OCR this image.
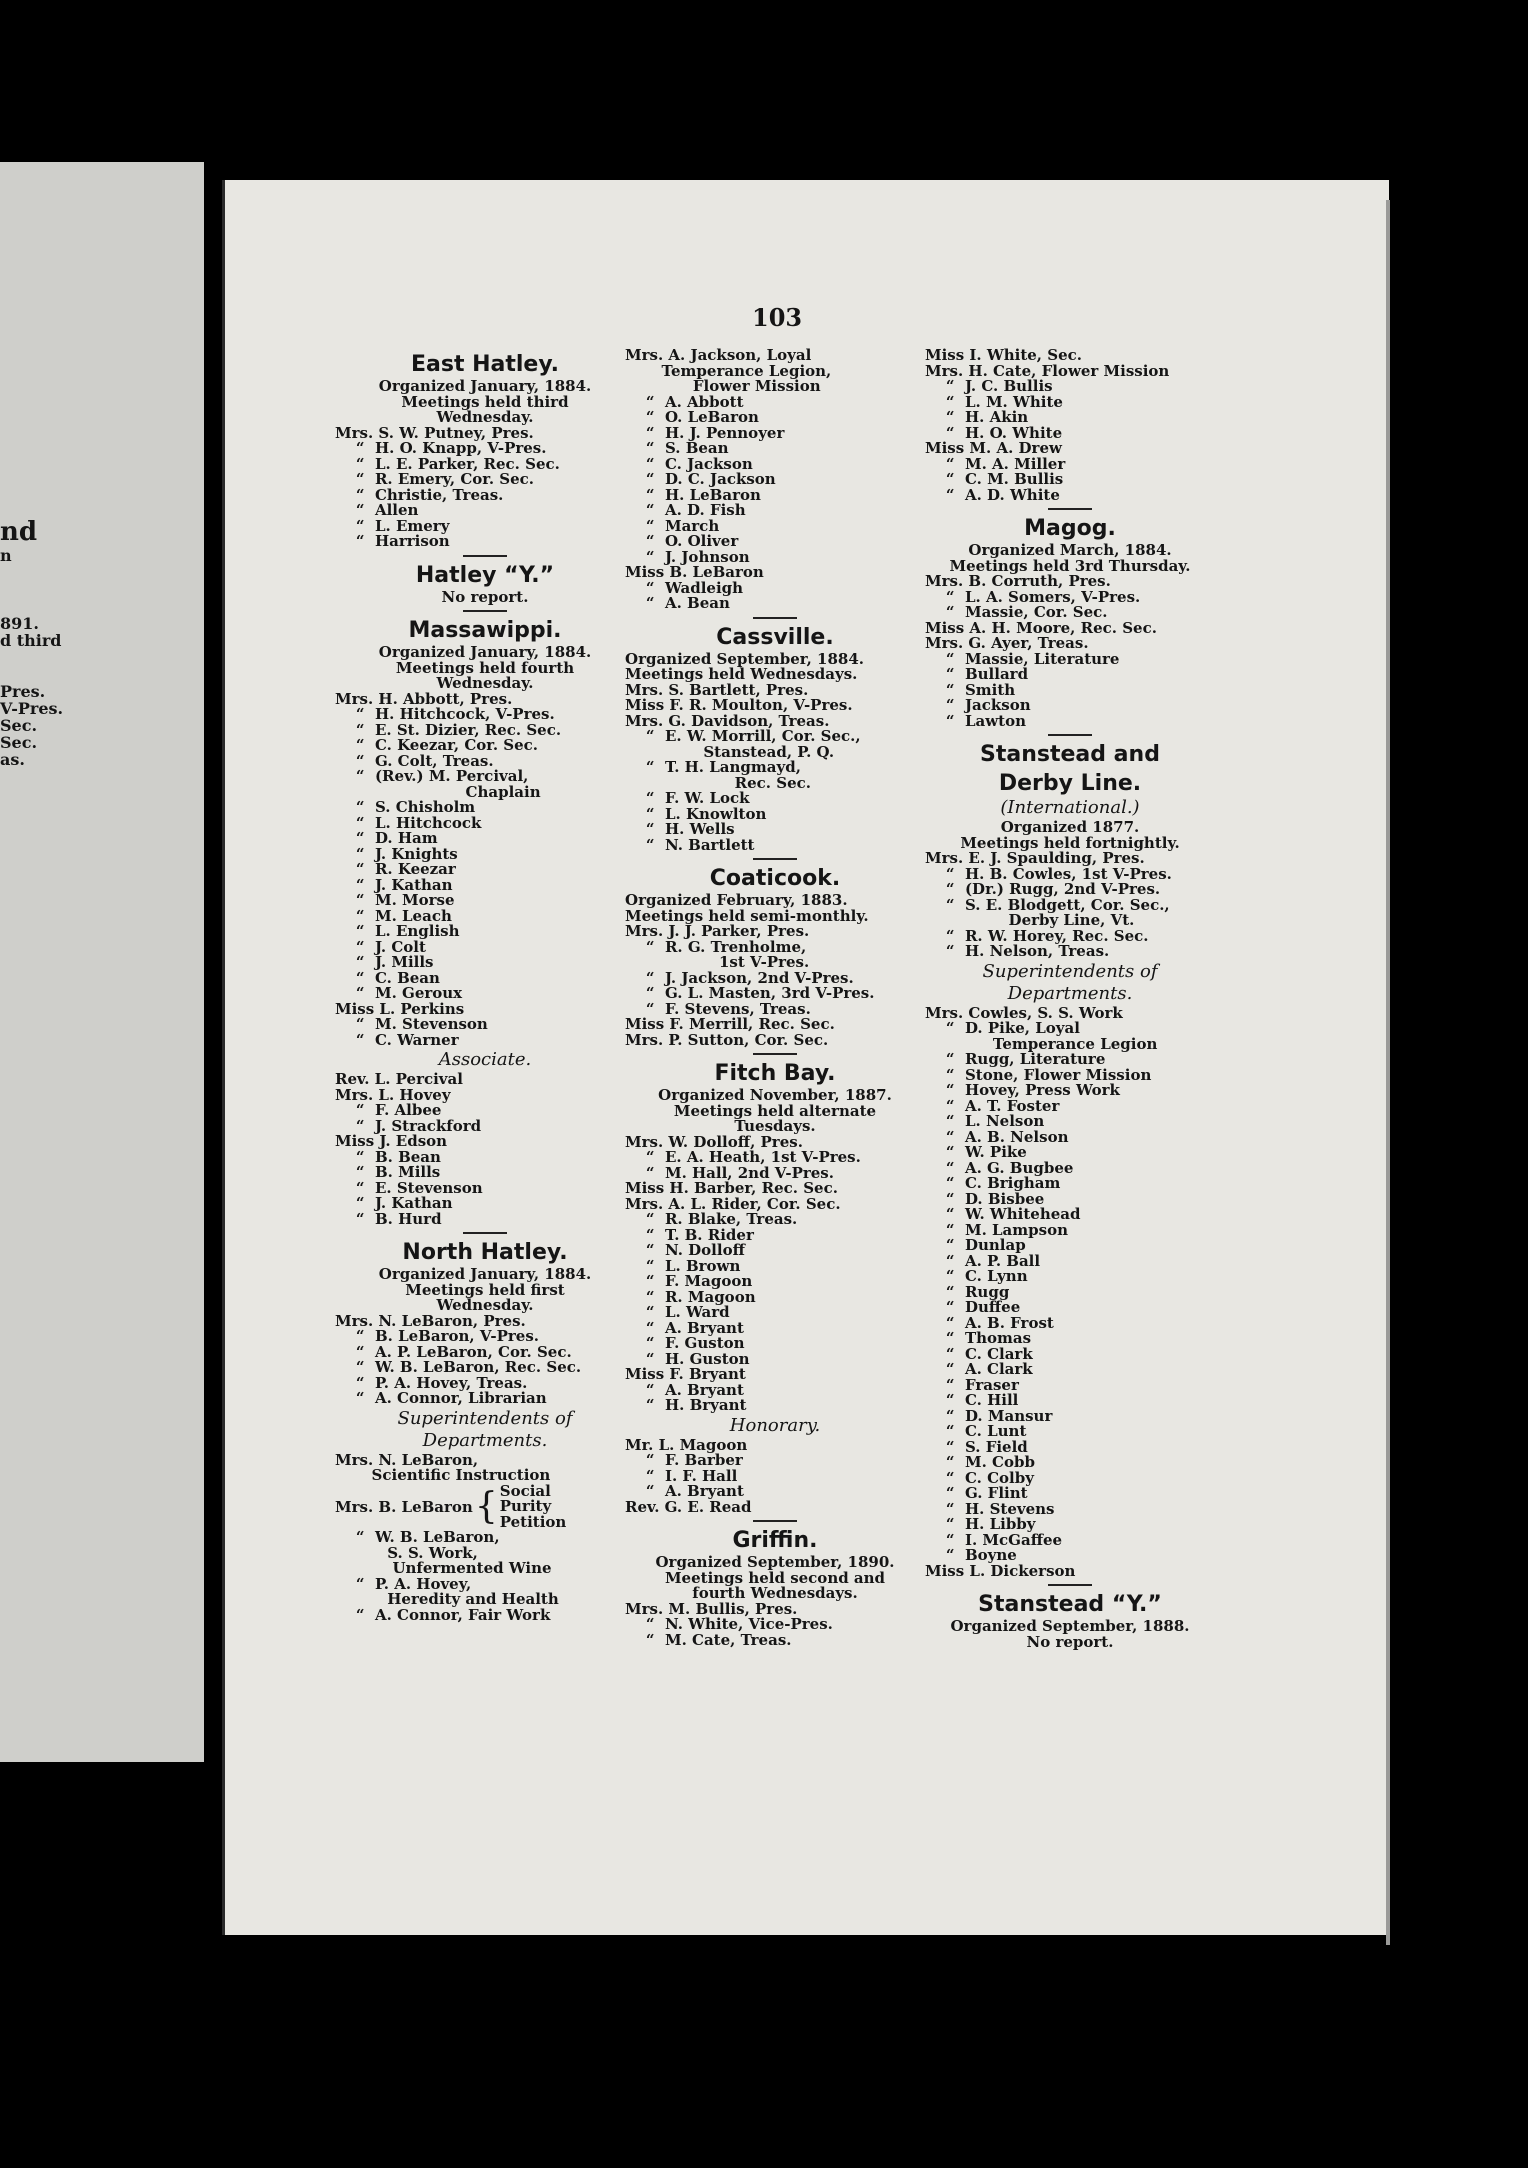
nd
n

891.
d third

Pres.
V-Pres.
Sec.
Sec.
as.
103
East Hatley.
Organized January, 1884.
Meetings held third
Wednesday.
Mrs. S. W. Putney, Pres.
“  H. O. Knapp, V-Pres.
“  L. E. Parker, Rec. Sec.
“  R. Emery, Cor. Sec.
“  Christie, Treas.
“  Allen
“  L. Emery
“  Harrison
Hatley “Y.”
No report.
Massawippi.
Organized January, 1884.
Meetings held fourth
Wednesday.
Mrs. H. Abbott, Pres.
“  H. Hitchcock, V-Pres.
“  E. St. Dizier, Rec. Sec.
“  C. Keezar, Cor. Sec.
“  G. Colt, Treas.
“  (Rev.) M. Percival,
Chaplain
“  S. Chisholm
“  L. Hitchcock
“  D. Ham
“  J. Knights
“  R. Keezar
“  J. Kathan
“  M. Morse
“  M. Leach
“  L. English
“  J. Colt
“  J. Mills
“  C. Bean
“  M. Geroux
Miss L. Perkins
“  M. Stevenson
“  C. Warner
Associate.
Rev. L. Percival
Mrs. L. Hovey
“  F. Albee
“  J. Strackford
Miss J. Edson
“  B. Bean
“  B. Mills
“  E. Stevenson
“  J. Kathan
“  B. Hurd
North Hatley.
Organized January, 1884.
Meetings held first
Wednesday.
Mrs. N. LeBaron, Pres.
“  B. LeBaron, V-Pres.
“  A. P. LeBaron, Cor. Sec.
“  W. B. LeBaron, Rec. Sec.
“  P. A. Hovey, Treas.
“  A. Connor, Librarian
Superintendents of
Departments.
Mrs. N. LeBaron,
Scientific Instruction
Mrs. B. LeBaron { Social
Purity
Petition
“  W. B. LeBaron,
S. S. Work,
Unfermented Wine
“  P. A. Hovey,
Heredity and Health
“  A. Connor, Fair Work
Mrs. A. Jackson, Loyal
Temperance Legion,
Flower Mission
“  A. Abbott
“  O. LeBaron
“  H. J. Pennoyer
“  S. Bean
“  C. Jackson
“  D. C. Jackson
“  H. LeBaron
“  A. D. Fish
“  March
“  O. Oliver
“  J. Johnson
Miss B. LeBaron
“  Wadleigh
“  A. Bean
Cassville.
Organized September, 1884.
Meetings held Wednesdays.
Mrs. S. Bartlett, Pres.
Miss F. R. Moulton, V-Pres.
Mrs. G. Davidson, Treas.
“  E. W. Morrill, Cor. Sec.,
Stanstead, P. Q.
“  T. H. Langmayd,
Rec. Sec.
“  F. W. Lock
“  L. Knowlton
“  H. Wells
“  N. Bartlett
Coaticook.
Organized February, 1883.
Meetings held semi-monthly.
Mrs. J. J. Parker, Pres.
“  R. G. Trenholme,
1st V-Pres.
“  J. Jackson, 2nd V-Pres.
“  G. L. Masten, 3rd V-Pres.
“  F. Stevens, Treas.
Miss F. Merrill, Rec. Sec.
Mrs. P. Sutton, Cor. Sec.
Fitch Bay.
Organized November, 1887.
Meetings held alternate
Tuesdays.
Mrs. W. Dolloff, Pres.
“  E. A. Heath, 1st V-Pres.
“  M. Hall, 2nd V-Pres.
Miss H. Barber, Rec. Sec.
Mrs. A. L. Rider, Cor. Sec.
“  R. Blake, Treas.
“  T. B. Rider
“  N. Dolloff
“  L. Brown
“  F. Magoon
“  R. Magoon
“  L. Ward
“  A. Bryant
“  F. Guston
“  H. Guston
Miss F. Bryant
“  A. Bryant
“  H. Bryant
Honorary.
Mr. L. Magoon
“  F. Barber
“  I. F. Hall
“  A. Bryant
Rev. G. E. Read
Griffin.
Organized September, 1890.
Meetings held second and
fourth Wednesdays.
Mrs. M. Bullis, Pres.
“  N. White, Vice-Pres.
“  M. Cate, Treas.
Miss I. White, Sec.
Mrs. H. Cate, Flower Mission
“  J. C. Bullis
“  L. M. White
“  H. Akin
“  H. O. White
Miss M. A. Drew
“  M. A. Miller
“  C. M. Bullis
“  A. D. White
Magog.
Organized March, 1884.
Meetings held 3rd Thursday.
Mrs. B. Corruth, Pres.
“  L. A. Somers, V-Pres.
“  Massie, Cor. Sec.
Miss A. H. Moore, Rec. Sec.
Mrs. G. Ayer, Treas.
“  Massie, Literature
“  Bullard
“  Smith
“  Jackson
“  Lawton
Stanstead and
Derby Line.
(International.)
Organized 1877.
Meetings held fortnightly.
Mrs. E. J. Spaulding, Pres.
“  H. B. Cowles, 1st V-Pres.
“  (Dr.) Rugg, 2nd V-Pres.
“  S. E. Blodgett, Cor. Sec.,
Derby Line, Vt.
“  R. W. Horey, Rec. Sec.
“  H. Nelson, Treas.
Superintendents of
Departments.
Mrs. Cowles, S. S. Work
“  D. Pike, Loyal
Temperance Legion
“  Rugg, Literature
“  Stone, Flower Mission
“  Hovey, Press Work
“  A. T. Foster
“  L. Nelson
“  A. B. Nelson
“  W. Pike
“  A. G. Bugbee
“  C. Brigham
“  D. Bisbee
“  W. Whitehead
“  M. Lampson
“  Dunlap
“  A. P. Ball
“  C. Lynn
“  Rugg
“  Duffee
“  A. B. Frost
“  Thomas
“  C. Clark
“  A. Clark
“  Fraser
“  C. Hill
“  D. Mansur
“  C. Lunt
“  S. Field
“  M. Cobb
“  C. Colby
“  G. Flint
“  H. Stevens
“  H. Libby
“  I. McGaffee
“  Boyne
Miss L. Dickerson
Stanstead “Y.”
Organized September, 1888.
No report.
